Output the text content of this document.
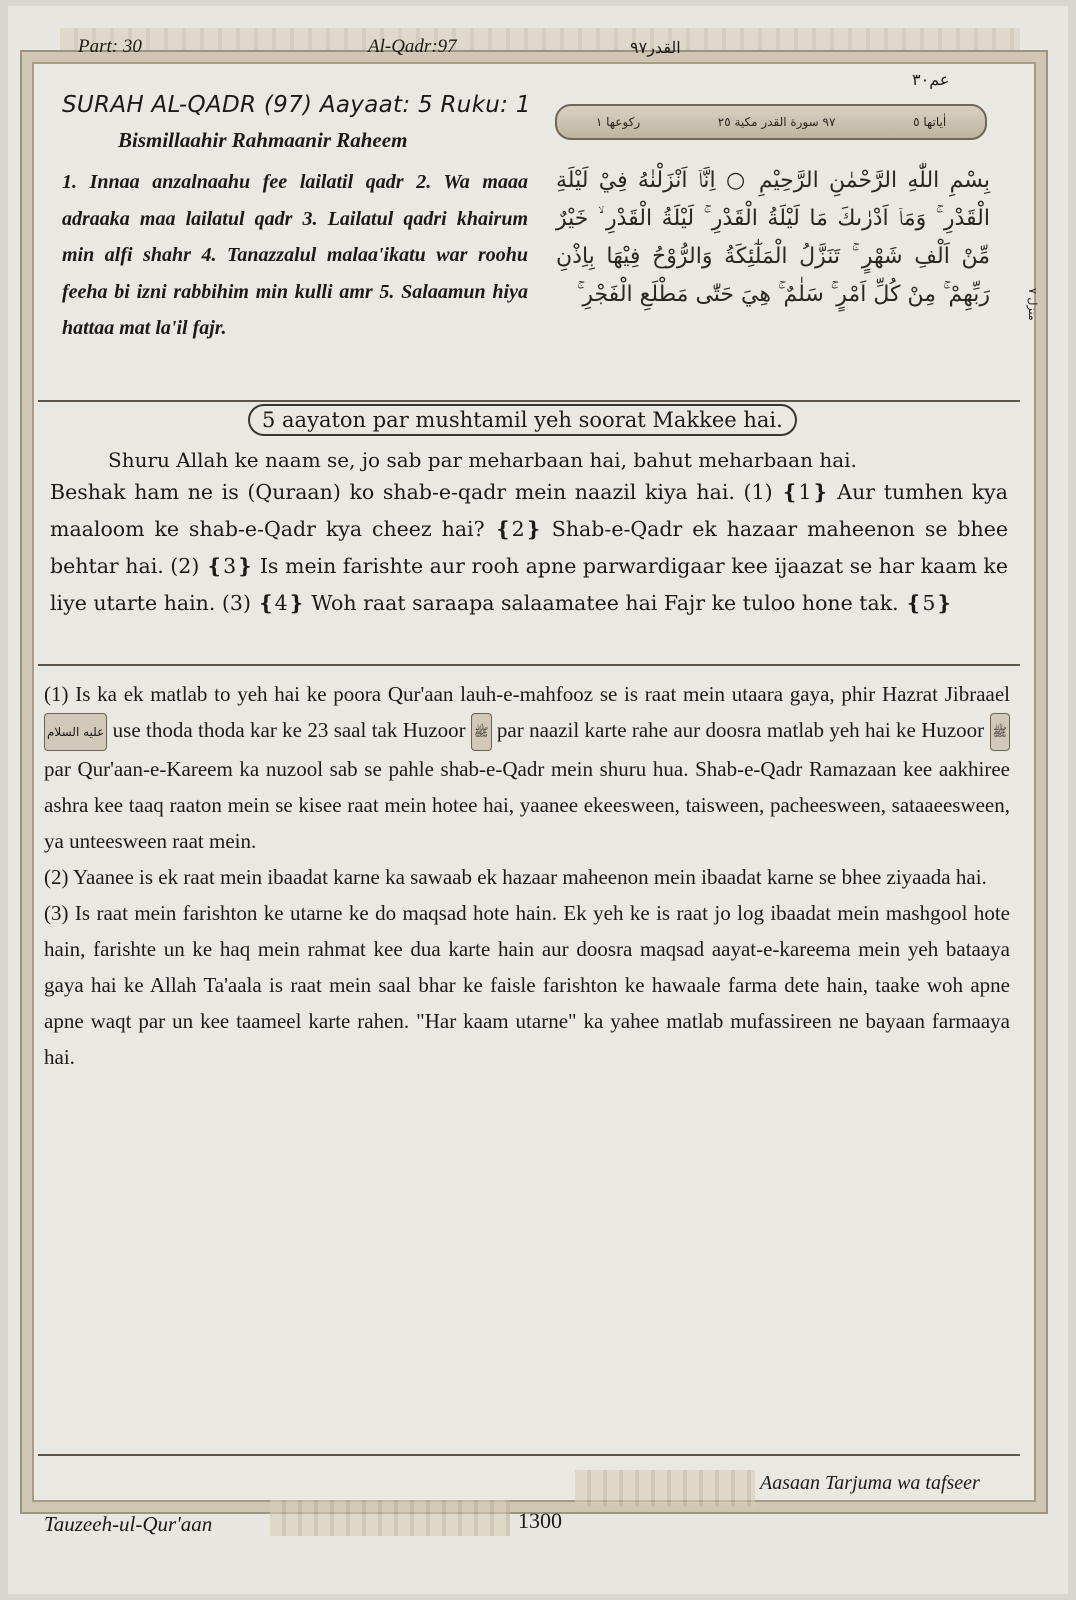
Part: 30	Al-Qadr:97	القدر٩٧
عم٣٠
SURAH AL-QADR (97) Aayaat: 5 Ruku: 1
اٰياتها ٥
٩٧ سورة القدر مكية ٢٥
ركوعها ١
Bismillaahir Rahmaanir Raheem
1. Innaa anzalnaahu fee lailatil qadr 2. Wa maaa adraaka maa lailatul qadr 3. Lailatul qadri khairum min alfi shahr 4. Tanazzalul malaa'ikatu war roohu feeha bi izni rabbihim min kulli amr 5. Salaamun hiya hattaa mat la'il fajr.
بِسْمِ اللّٰهِ الرَّحْمٰنِ الرَّحِيْمِ ○ اِنَّاۤ اَنْزَلْنٰهُ فِيْ لَيْلَةِ الْقَدْرِ ۚ وَمَاۤ اَدْرٰىكَ مَا لَيْلَةُ الْقَدْرِ ۚ لَيْلَةُ الْقَدْرِ ۙ خَيْرٌ مِّنْ اَلْفِ شَهْرٍ ۚ تَنَزَّلُ الْمَلٰٓئِكَةُ وَالرُّوْحُ فِيْهَا بِاِذْنِ رَبِّهِمْ ۚ مِنْ كُلِّ اَمْرٍ ۚ سَلٰمٌ ۚ هِيَ حَتّٰى مَطْلَعِ الْفَجْرِ ۚ	منزل ٧
5 aayaton par mushtamil yeh soorat Makkee hai.
Shuru Allah ke naam se, jo sab par meharbaan hai, bahut meharbaan hai.
Beshak ham ne is (Quraan) ko shab-e-qadr mein naazil kiya hai. (1) ❴1❵ Aur tumhen kya maaloom ke shab-e-Qadr kya cheez hai? ❴2❵ Shab-e-Qadr ek hazaar maheenon se bhee behtar hai. (2) ❴3❵ Is mein farishte aur rooh apne parwardigaar kee ijaazat se har kaam ke liye utarte hain. (3) ❴4❵ Woh raat saraapa salaamatee hai Fajr ke tuloo hone tak. ❴5❵

(1) Is ka ek matlab to yeh hai ke poora Qur'aan lauh-e-mahfooz se is raat mein utaara gaya, phir Hazrat Jibraael عليه السلام use thoda thoda kar ke 23 saal tak Huzoor ﷺ par naazil karte rahe aur doosra matlab yeh hai ke Huzoor ﷺ par Qur'aan-e-Kareem ka nuzool sab se pahle shab-e-Qadr mein shuru hua. Shab-e-Qadr Ramazaan kee aakhiree ashra kee taaq raaton mein se kisee raat mein hotee hai, yaanee ekeesween, taisween, pacheesween, sataaeesween, ya unteesween raat mein.

(2) Yaanee is ek raat mein ibaadat karne ka sawaab ek hazaar maheenon mein ibaadat karne se bhee ziyaada hai.

(3) Is raat mein farishton ke utarne ke do maqsad hote hain. Ek yeh ke is raat jo log ibaadat mein mashgool hote hain, farishte un ke haq mein rahmat kee dua karte hain aur doosra maqsad aayat-e-kareema mein yeh bataaya gaya hai ke Allah Ta'aala is raat mein saal bhar ke faisle farishton ke hawaale farma dete hain, taake woh apne apne waqt par un kee taameel karte rahen. "Har kaam utarne" ka yahee matlab mufassireen ne bayaan farmaaya hai.

Tauzeeh-ul-Qur'aan	1300
Aasaan Tarjuma wa tafseer
